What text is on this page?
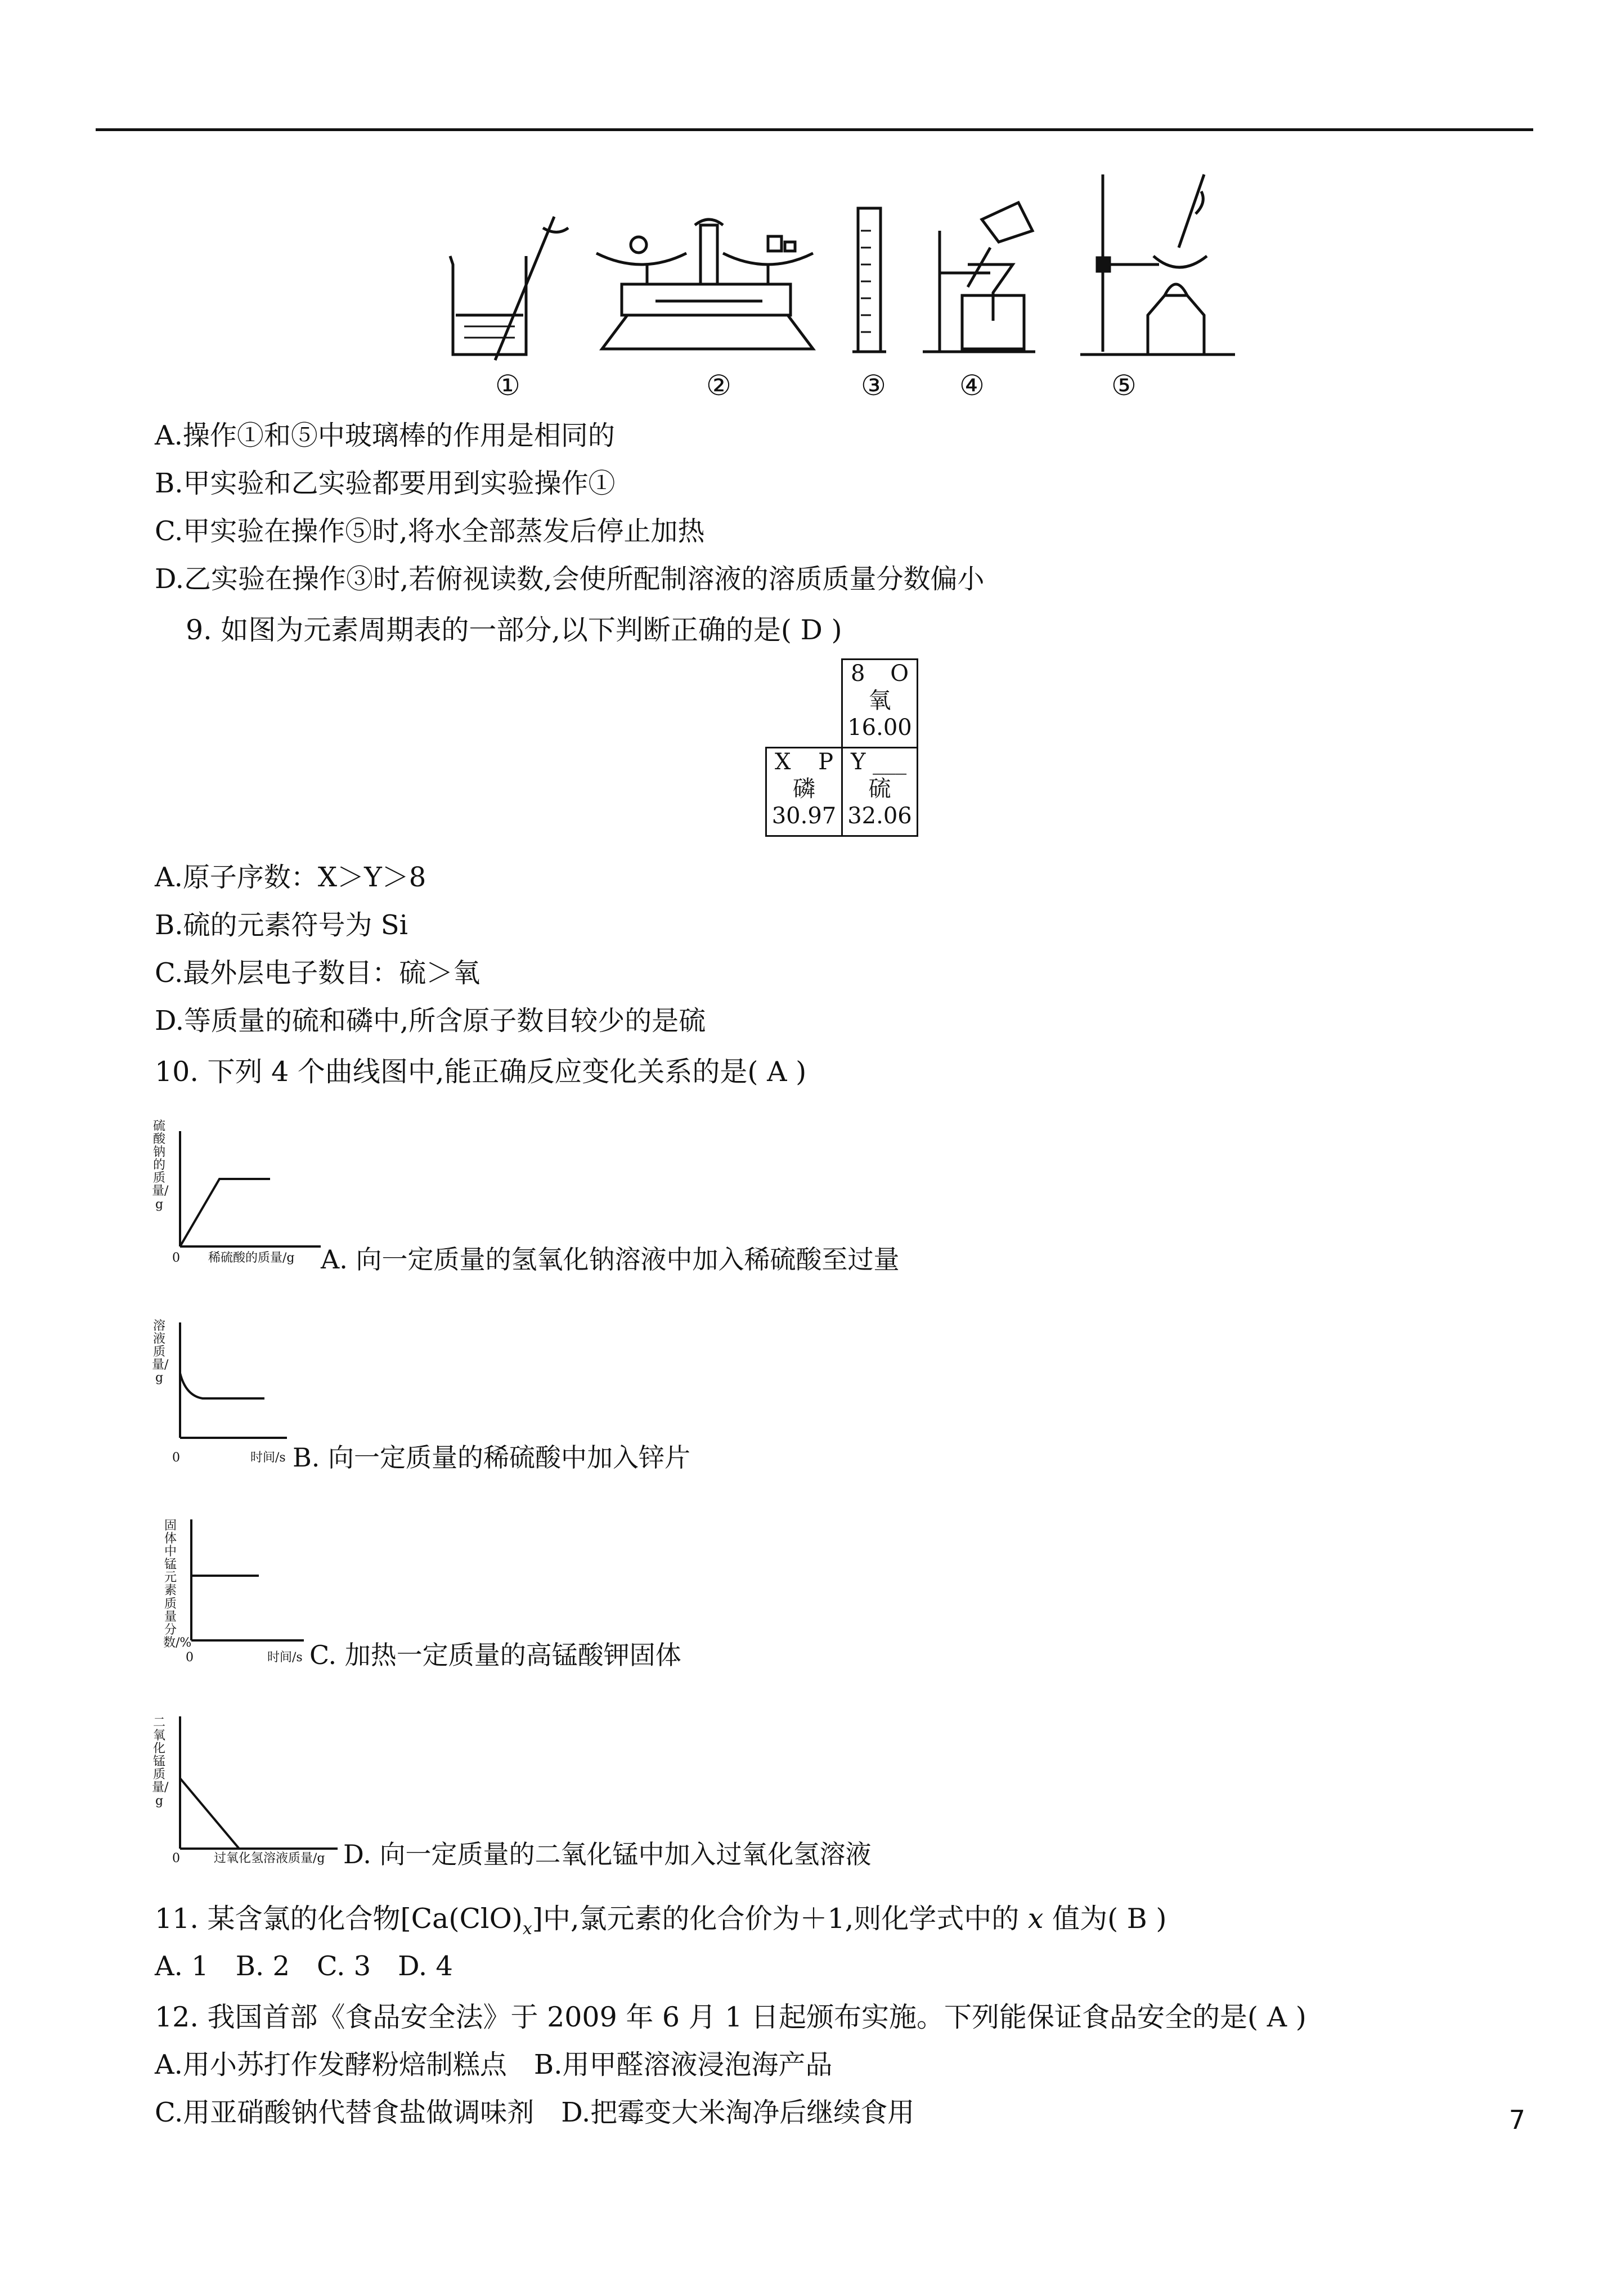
①	②	③	④	⑤
A.操作①和⑤中玻璃棒的作用是相同的
B.甲实验和乙实验都要用到实验操作①
C.甲实验在操作⑤时,将水全部蒸发后停止加热
D.乙实验在操作③时,若俯视读数,会使所配制溶液的溶质质量分数偏小
9. 如图为元素周期表的一部分,以下判断正确的是( D )
8 O
氧
16.00
X P
磷
30.97
Y ___
硫
32.06
A.原子序数：X＞Y＞8
B.硫的元素符号为 Si
C.最外层电子数目：硫＞氧
D.等质量的硫和磷中,所含原子数目较少的是硫
10. 下列 4 个曲线图中,能正确反应变化关系的是( A )
硫酸钠的质量/g
0 稀硫酸的质量/g A. 向一定质量的氢氧化钠溶液中加入稀硫酸至过量
溶液质量/g
0	时间/s B. 向一定质量的稀硫酸中加入锌片
固体中锰元素质量分数/%
0	时间/s C. 加热一定质量的高锰酸钾固体
二氧化锰质量/g
0	过氧化氢溶液质量/g D. 向一定质量的二氧化锰中加入过氧化氢溶液
11. 某含氯的化合物$[Ca(ClO)_x]$中,氯元素的化合价为＋1,则化学式中的 x 值为( B )
A. 1　B. 2　C. 3　D. 4
12. 我国首部《食品安全法》于 2009 年 6 月 1 日起颁布实施。下列能保证食品安全的是( A )
A.用小苏打作发酵粉焙制糕点　B.用甲醛溶液浸泡海产品
C.用亚硝酸钠代替食盐做调味剂　D.把霉变大米淘净后继续食用	7
